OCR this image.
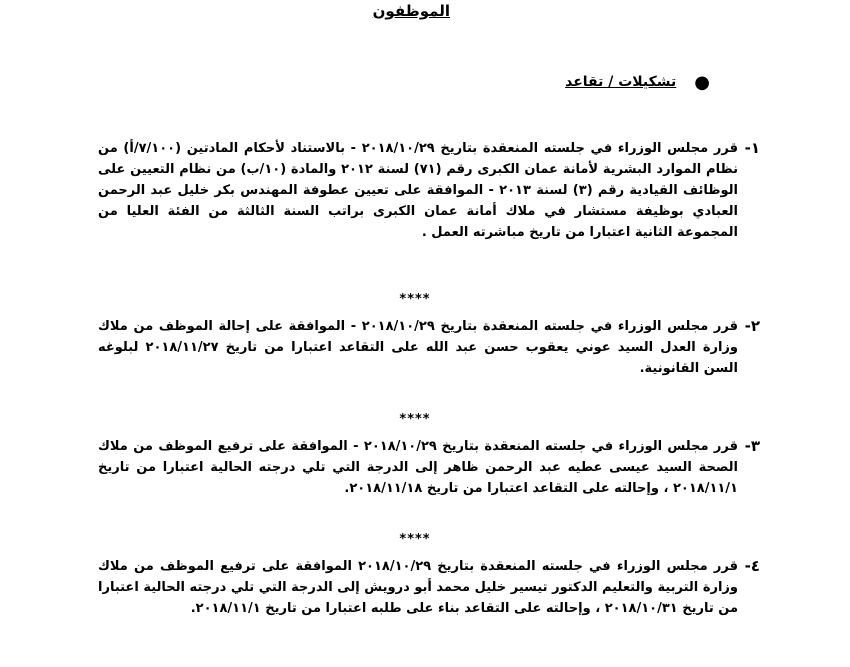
الموظفون
●تشكيلات / تقاعد
١-
قرر مجلس الوزراء في جلسته المنعقدة بتاريخ ٢٠١٨/١٠/٢٩ - بالاستناد لأحكام المادتين (٧/١٠٠/أ) من نظام الموارد البشرية لأمانة عمان الكبرى رقم (٧١) لسنة ٢٠١٢ والمادة (١٠/ب) من نظام التعيين على الوظائف القيادية رقم (٣) لسنة ٢٠١٣ - الموافقة على تعيين عطوفة المهندس بكر خليل عبد الرحمن العبادي بوظيفة مستشار في ملاك أمانة عمان الكبرى براتب السنة الثالثة من الفئة العليا من المجموعة الثانية اعتبارا من تاريخ مباشرته العمل .
****
٢-
قرر مجلس الوزراء في جلسته المنعقدة بتاريخ ٢٠١٨/١٠/٢٩ - الموافقة على إحالة الموظف من ملاك وزارة العدل السيد عوني يعقوب حسن عبد الله على التقاعد اعتبارا من تاريخ ٢٠١٨/١١/٢٧ لبلوغه السن القانونية.
****
٣-
قرر مجلس الوزراء في جلسته المنعقدة بتاريخ ٢٠١٨/١٠/٢٩ - الموافقة على ترفيع الموظف من ملاك الصحة السيد عيسى عطيه عبد الرحمن ظاهر إلى الدرجة التي تلي درجته الحالية اعتبارا من تاريخ ٢٠١٨/١١/١ ، وإحالته على التقاعد اعتبارا من تاريخ ٢٠١٨/١١/١٨.
****
٤-
قرر مجلس الوزراء في جلسته المنعقدة بتاريخ ٢٠١٨/١٠/٢٩ الموافقة على ترفيع الموظف من ملاك وزارة التربية والتعليم الدكتور تيسير خليل محمد أبو درويش إلى الدرجة التي تلي درجته الحالية اعتبارا من تاريخ ٢٠١٨/١٠/٣١ ، وإحالته على التقاعد بناء على طلبه اعتبارا من تاريخ ٢٠١٨/١١/١.
